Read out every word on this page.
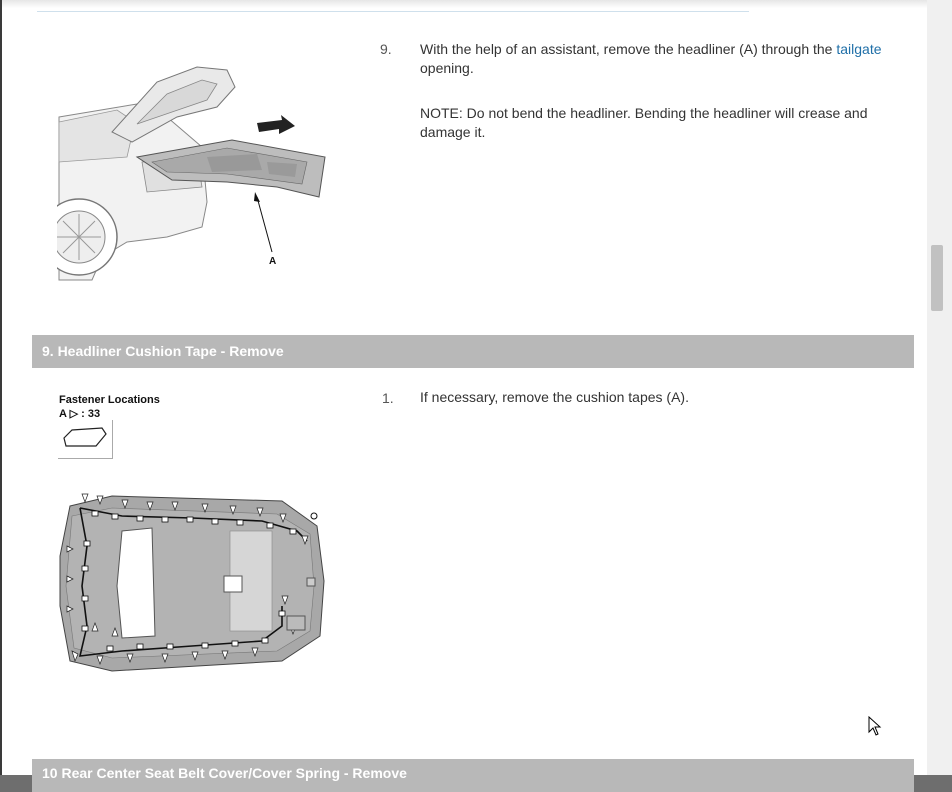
A
9. With the help of an assistant, remove the headliner (A) through the tailgate
opening.
NOTE: Do not bend the headliner. Bending the headliner will crease and damage it.
9. Headliner Cushion Tape - Remove
Fastener Locations
A ▷ : 33
1. If necessary, remove the cushion tapes (A).
10 Rear Center Seat Belt Cover/Cover Spring - Remove
